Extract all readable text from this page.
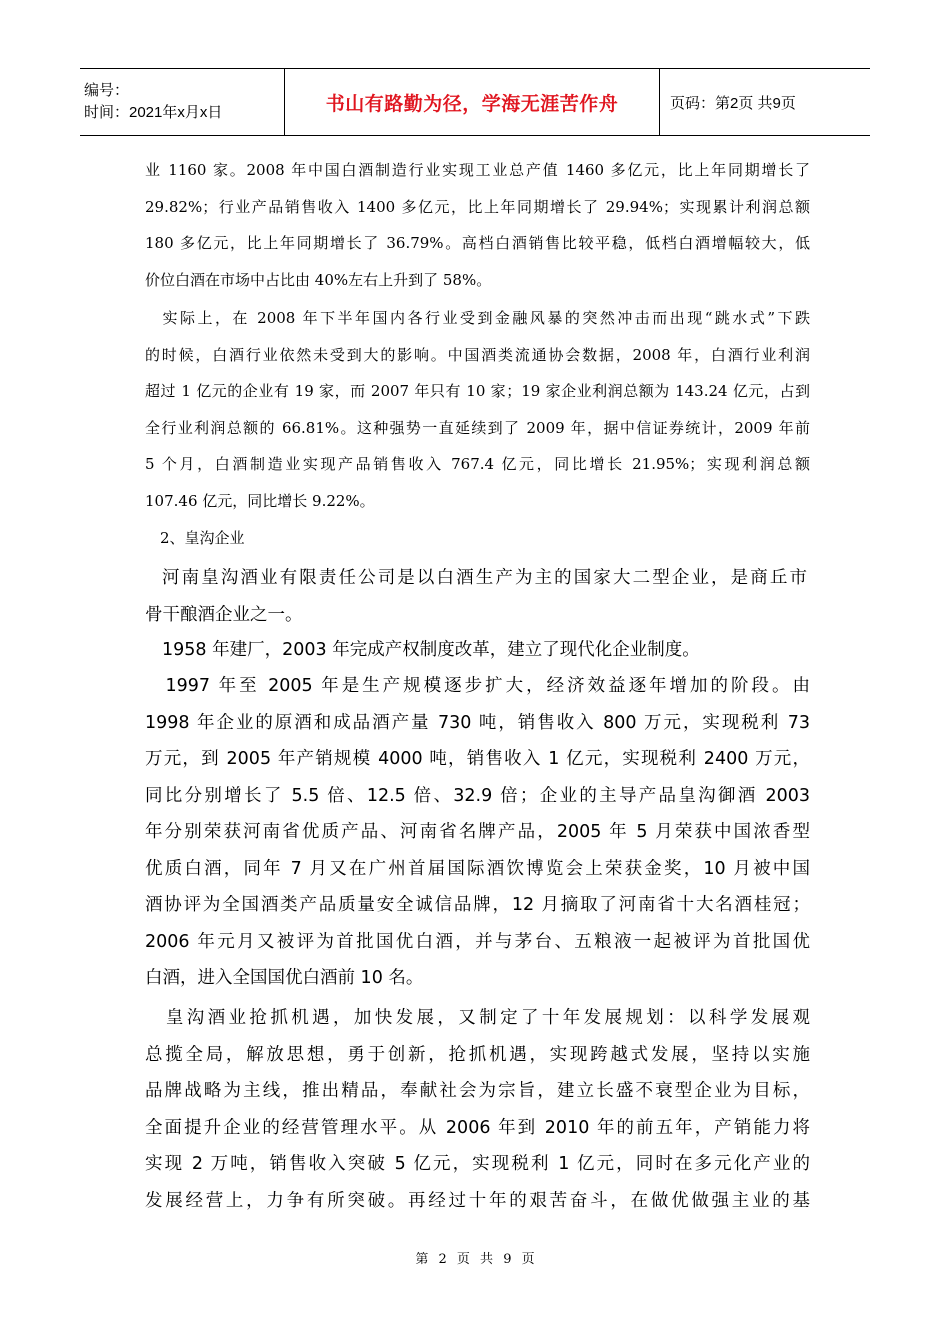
编号：
时间：2021年x月x日	书山有路勤为径，学海无涯苦作舟	页码：第2页 共9页

业 1160 家。2008 年中国白酒制造行业实现工业总产值 1460 多亿元，比上年同期增长了

29.82%；行业产品销售收入 1400 多亿元，比上年同期增长了 29.94%；实现累计利润总额

180 多亿元，比上年同期增长了 36.79%。高档白酒销售比较平稳，低档白酒增幅较大，低

价位白酒在市场中占比由 40%左右上升到了 58%。

　实际上，在 2008 年下半年国内各行业受到金融风暴的突然冲击而出现“跳水式”下跌

的时候，白酒行业依然未受到大的影响。中国酒类流通协会数据，2008 年，白酒行业利润

超过 1 亿元的企业有 19 家，而 2007 年只有 10 家；19 家企业利润总额为 143.24 亿元，占到

全行业利润总额的 66.81%。这种强势一直延续到了 2009 年，据中信证券统计，2009 年前

5 个月，白酒制造业实现产品销售收入 767.4 亿元，同比增长 21.95%；实现利润总额

107.46 亿元，同比增长 9.22%。

　2、皇沟企业

河南皇沟酒业有限责任公司是以白酒生产为主的国家大二型企业，是商丘市

骨干酿酒企业之一。

1958 年建厂，2003 年完成产权制度改革，建立了现代化企业制度。

　1997 年至 2005 年是生产规模逐步扩大，经济效益逐年增加的阶段。由

1998 年企业的原酒和成品酒产量 730 吨，销售收入 800 万元，实现税利 73

万元，到 2005 年产销规模 4000 吨，销售收入 1 亿元，实现税利 2400 万元，

同比分别增长了 5.5 倍、12.5 倍、32.9 倍；企业的主导产品皇沟御酒 2003

年分别荣获河南省优质产品、河南省名牌产品，2005 年 5 月荣获中国浓香型

优质白酒，同年 7 月又在广州首届国际酒饮博览会上荣获金奖，10 月被中国

酒协评为全国酒类产品质量安全诚信品牌，12 月摘取了河南省十大名酒桂冠；

2006 年元月又被评为首批国优白酒，并与茅台、五粮液一起被评为首批国优

白酒，进入全国国优白酒前 10 名。

　皇沟酒业抢抓机遇，加快发展，又制定了十年发展规划：以科学发展观

总揽全局，解放思想，勇于创新，抢抓机遇，实现跨越式发展，坚持以实施

品牌战略为主线，推出精品，奉献社会为宗旨，建立长盛不衰型企业为目标，

全面提升企业的经营管理水平。从 2006 年到 2010 年的前五年，产销能力将

实现 2 万吨，销售收入突破 5 亿元，实现税利 1 亿元，同时在多元化产业的

发展经营上，力争有所突破。再经过十年的艰苦奋斗，在做优做强主业的基

第 2 页 共 9 页
